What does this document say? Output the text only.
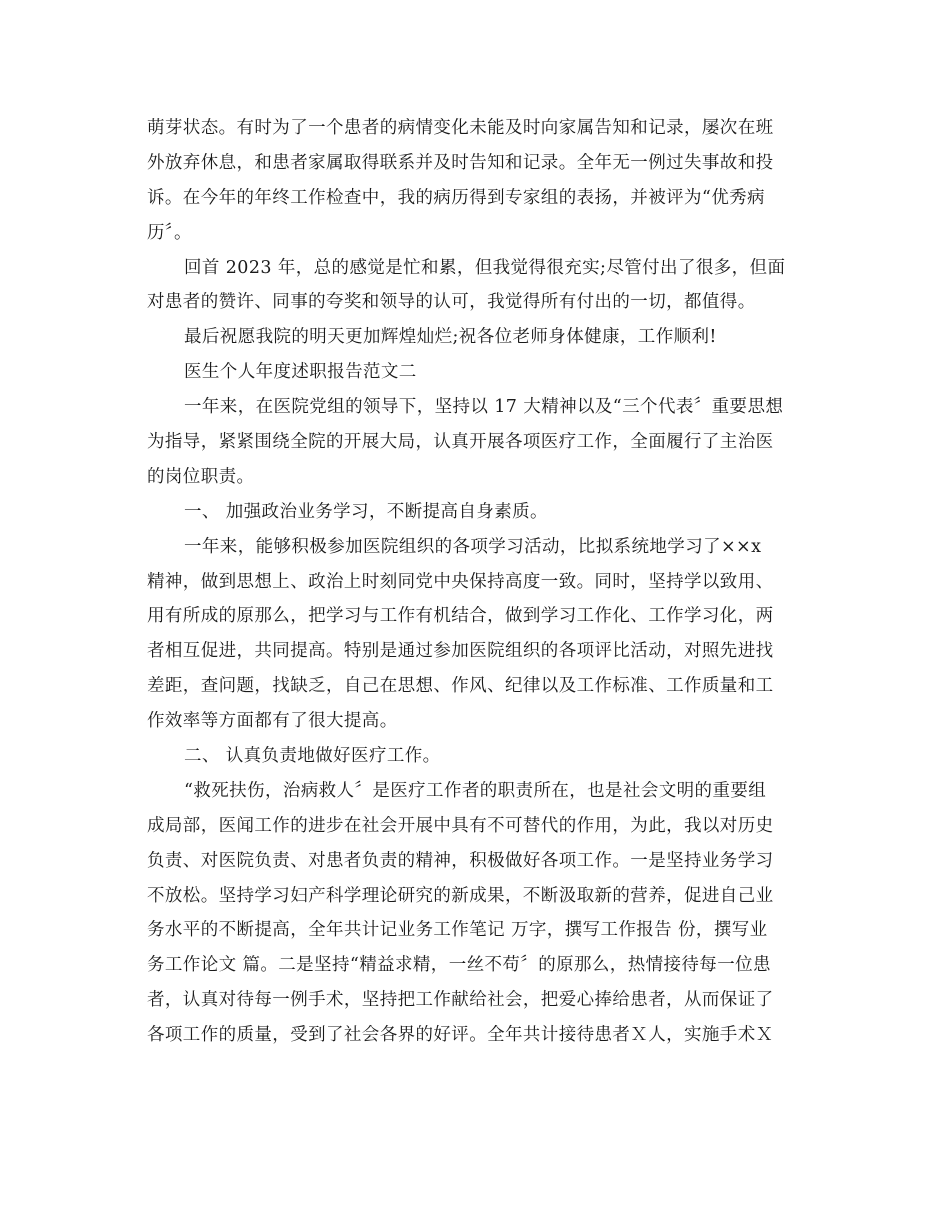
萌芽状态。有时为了一个患者的病情变化未能及时向家属告知和记录，屡次在班
外放弃休息，和患者家属取得联系并及时告知和记录。全年无一例过失事故和投
诉。在今年的年终工作检查中，我的病历得到专家组的表扬，并被评为“优秀病
历〞。
回首 2023 年，总的感觉是忙和累，但我觉得很充实;尽管付出了很多，但面
对患者的赞许、同事的夸奖和领导的认可，我觉得所有付出的一切，都值得。
最后祝愿我院的明天更加辉煌灿烂;祝各位老师身体健康，工作顺利!
医生个人年度述职报告范文二
一年来，在医院党组的领导下，坚持以 17 大精神以及“三个代表〞重要思想
为指导，紧紧围绕全院的开展大局，认真开展各项医疗工作，全面履行了主治医
的岗位职责。
一、 加强政治业务学习，不断提高自身素质。
一年来，能够积极参加医院组织的各项学习活动，比拟系统地学习了××x
精神，做到思想上、政治上时刻同党中央保持高度一致。同时，坚持学以致用、
用有所成的原那么，把学习与工作有机结合，做到学习工作化、工作学习化，两
者相互促进，共同提高。特别是通过参加医院组织的各项评比活动，对照先进找
差距，查问题，找缺乏，自己在思想、作风、纪律以及工作标准、工作质量和工
作效率等方面都有了很大提高。
二、 认真负责地做好医疗工作。
“救死扶伤，治病救人〞是医疗工作者的职责所在，也是社会文明的重要组
成局部，医闻工作的进步在社会开展中具有不可替代的作用，为此，我以对历史
负责、对医院负责、对患者负责的精神，积极做好各项工作。一是坚持业务学习
不放松。坚持学习妇产科学理论研究的新成果，不断汲取新的营养，促进自己业
务水平的不断提高，全年共计记业务工作笔记 万字，撰写工作报告 份，撰写业
务工作论文 篇。二是坚持“精益求精，一丝不苟〞的原那么，热情接待每一位患
者，认真对待每一例手术，坚持把工作献给社会，把爱心捧给患者，从而保证了
各项工作的质量，受到了社会各界的好评。全年共计接待患者Ｘ人，实施手术Ｘ
